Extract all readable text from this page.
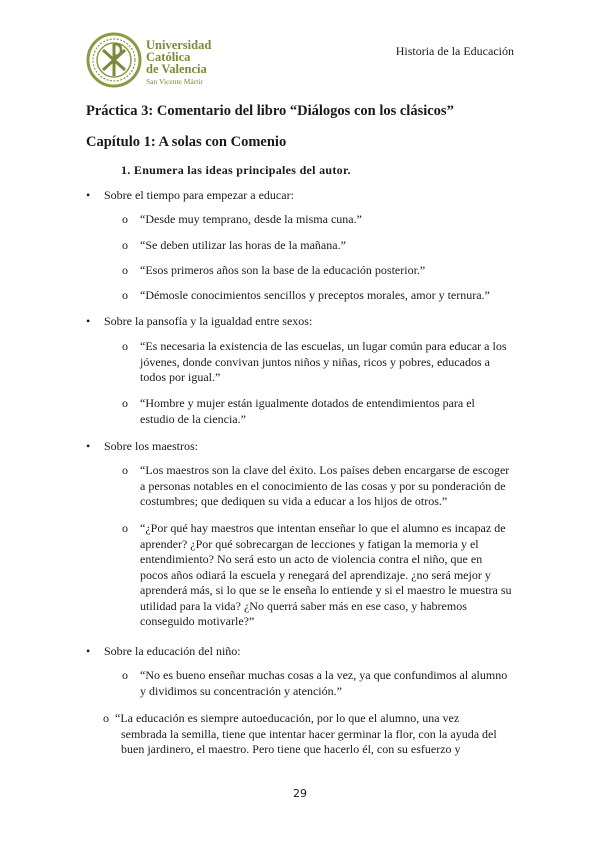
Universidad
Católica
de Valencia
San Vicente Mártir
Historia de la Educación
Práctica 3: Comentario del libro “Diálogos con los clásicos”
Capítulo 1: A solas con Comenio
1. Enumera las ideas principales del autor.
• Sobre el tiempo para empezar a educar:
o “Desde muy temprano, desde la misma cuna.”
o “Se deben utilizar las horas de la mañana.”
o “Esos primeros años son la base de la educación posterior.”
o “Démosle conocimientos sencillos y preceptos morales, amor y ternura.”
• Sobre la pansofía y la igualdad entre sexos:
o “Es necesaria la existencia de las escuelas, un lugar común para educar a los jóvenes, donde convivan juntos niños y niñas, ricos y pobres, educados a todos por igual.”
o “Hombre y mujer están igualmente dotados de entendimientos para el estudio de la ciencia.”
• Sobre los maestros:
o “Los maestros son la clave del éxito. Los países deben encargarse de escoger a personas notables en el conocimiento de las cosas y por su ponderación de costumbres; que dediquen su vida a educar a los hijos de otros.”
o “¿Por qué hay maestros que intentan enseñar lo que el alumno es incapaz de aprender? ¿Por qué sobrecargan de lecciones y fatigan la memoria y el entendimiento? No será esto un acto de violencia contra el niño, que en pocos años odiará la escuela y renegará del aprendizaje. ¿no será mejor y aprenderá más, si lo que se le enseña lo entiende y si el maestro le muestra su utilidad para la vida? ¿No querrá saber más en ese caso, y habremos conseguido motivarle?”
• Sobre la educación del niño:
o “No es bueno enseñar muchas cosas a la vez, ya que confundimos al alumno y dividimos su concentración y atención.”
o “La educación es siempre autoeducación, por lo que el alumno, una vez
sembrada la semilla, tiene que intentar hacer germinar la flor, con la ayuda del buen jardinero, el maestro. Pero tiene que hacerlo él, con su esfuerzo y
29
